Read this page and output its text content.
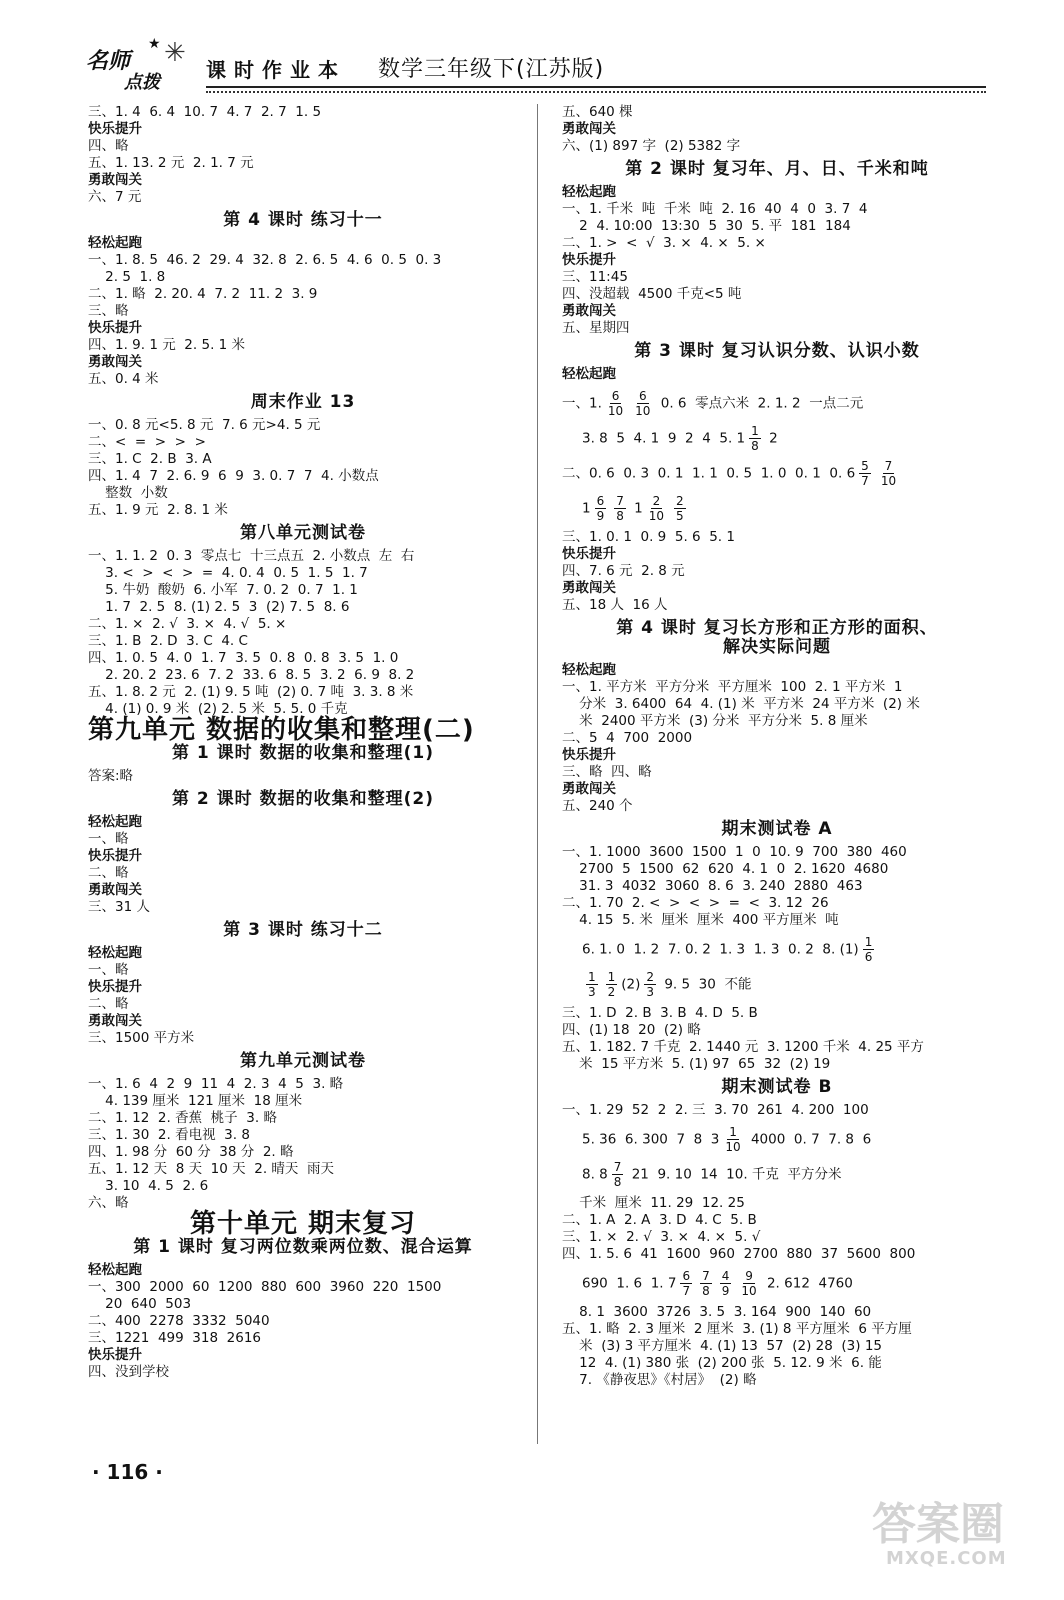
名师
点拨
★ ✳
课时作业本 数学三年级下(江苏版)
三、1. 4  6. 4  10. 7  4. 7  2. 7  1. 5
快乐提升
四、略
五、1. 13. 2 元  2. 1. 7 元
勇敢闯关
六、7 元
第 4 课时 练习十一
轻松起跑
一、1. 8. 5  46. 2  29. 4  32. 8  2. 6. 5  4. 6  0. 5  0. 3
2. 5  1. 8
二、1. 略  2. 20. 4  7. 2  11. 2  3. 9
三、略
快乐提升
四、1. 9. 1 元  2. 5. 1 米
勇敢闯关
五、0. 4 米
周末作业 13
一、0. 8 元<5. 8 元  7. 6 元>4. 5 元
二、<  =  >  >  >
三、1. C  2. B  3. A
四、1. 4  7  2. 6. 9  6  9  3. 0. 7  7  4. 小数点
整数  小数
五、1. 9 元  2. 8. 1 米
第八单元测试卷
一、1. 1. 2  0. 3  零点七  十三点五  2. 小数点  左  右
3. <  >  <  >  =  4. 0. 4  0. 5  1. 5  1. 7
5. 牛奶  酸奶  6. 小军  7. 0. 2  0. 7  1. 1
1. 7  2. 5  8. (1) 2. 5  3  (2) 7. 5  8. 6
二、1. ×  2. √  3. ×  4. √  5. ×
三、1. B  2. D  3. C  4. C
四、1. 0. 5  4. 0  1. 7  3. 5  0. 8  0. 8  3. 5  1. 0
2. 20. 2  23. 6  7. 2  33. 6  8. 5  3. 2  6. 9  8. 2
五、1. 8. 2 元  2. (1) 9. 5 吨  (2) 0. 7 吨  3. 3. 8 米
4. (1) 0. 9 米  (2) 2. 5 米  5. 5. 0 千克
第九单元 数据的收集和整理(二)
第 1 课时 数据的收集和整理(1)
答案:略
第 2 课时 数据的收集和整理(2)
轻松起跑
一、略
快乐提升
二、略
勇敢闯关
三、31 人
第 3 课时 练习十二
轻松起跑
一、略
快乐提升
二、略
勇敢闯关
三、1500 平方米
第九单元测试卷
一、1. 6  4  2  9  11  4  2. 3  4  5  3. 略
4. 139 厘米  121 厘米  18 厘米
二、1. 12  2. 香蕉  桃子  3. 略
三、1. 30  2. 看电视  3. 8
四、1. 98 分  60 分  38 分  2. 略
五、1. 12 天  8 天  10 天  2. 晴天  雨天
3. 10  4. 5  2. 6
六、略
第十单元 期末复习
第 1 课时 复习两位数乘两位数、混合运算
轻松起跑
一、300  2000  60  1200  880  600  3960  220  1500
20  640  503
二、400  2278  3332  5040
三、1221  499  318  2616
快乐提升
四、没到学校
五、640 棵
勇敢闯关
六、(1) 897 字  (2) 5382 字
第 2 课时 复习年、月、日、千米和吨
轻松起跑
一、1. 千米  吨  千米  吨  2. 16  40  4  0  3. 7  4
2  4. 10:00  13:30  5  30  5. 平  181  184
二、1. >  <  √  3. ×  4. ×  5. ×
快乐提升
三、11:45
四、没超载  4500 千克<5 吨
勇敢闯关
五、星期四
第 3 课时 复习认识分数、认识小数
轻松起跑
一、1. $\frac{6}{10} \frac{6}{10} 0$. 6  零点六米  2. 1. 2  一点二元
3. 8  5  4. 1  9  2  4  5. $1 \frac{1}{8} 2$
二、0. 6  0. 3  0. 1  1. 1  0. 5  1. 0  0. 1  0. $6 \frac{5}{7} \frac{7}{10}$
$1 \frac{6}{9} \frac{7}{8} 1 \frac{2}{10} \frac{2}{5}$
三、1. 0. 1  0. 9  5. 6  5. 1
快乐提升
四、7. 6 元  2. 8 元
勇敢闯关
五、18 人  16 人
第 4 课时 复习长方形和正方形的面积、
解决实际问题
轻松起跑
一、1. 平方米  平方分米  平方厘米  100  2. 1 平方米  1
分米  3. 6400  64  4. (1) 米  平方米  24 平方米  (2) 米
米  2400 平方米  (3) 分米  平方分米  5. 8 厘米
二、5  4  700  2000
快乐提升
三、略  四、略
勇敢闯关
五、240 个
期末测试卷 A
一、1. 1000  3600  1500  1  0  10. 9  700  380  460
2700  5  1500  62  620  4. 1  0  2. 1620  4680
31. 3  4032  3060  8. 6  3. 240  2880  463
二、1. 70  2. <  >  <  >  =  <  3. 12  26
4. 15  5. 米  厘米  厘米  400 平方厘米  吨
6. 1. 0  1. 2  7. 0. 2  1. 3  1. 3  0. 2  8. $(1) \frac{1}{6}$
$\frac{1}{3} \frac{1}{2} (2) \frac{2}{3} 9$. 5  30  不能
三、1. D  2. B  3. B  4. D  5. B
四、(1) 18  20  (2) 略
五、1. 182. 7 千克  2. 1440 元  3. 1200 千米  4. 25 平方
米  15 平方米  5. (1) 97  65  32  (2) 19
期末测试卷 B
一、1. 29  52  2  2. 三  3. 70  261  4. 200  100
5. 36  6. 300  7  8  $3 \frac{1}{10} 4000$  0. 7  7. 8  6
8. $8 \frac{7}{8} 21$  9. 10  14  10. 千克  平方分米
千米  厘米  11. 29  12. 25
二、1. A  2. A  3. D  4. C  5. B
三、1. ×  2. √  3. ×  4. ×  5. √
四、1. 5. 6  41  1600  960  2700  880  37  5600  800
690  1. 6  1. $7 \frac{6}{7} \frac{7}{8} \frac{4}{9} \frac{9}{10} 2$. 612  4760
8. 1  3600  3726  3. 5  3. 164  900  140  60
五、1. 略  2. 3 厘米  2 厘米  3. (1) 8 平方厘米  6 平方厘
米  (3) 3 平方厘米  4. (1) 13  57  (2) 28  (3) 15
12  4. (1) 380 张  (2) 200 张  5. 12. 9 米  6. 能
7. 《静夜思》《村居》  (2) 略
· 116 ·
答案圈
MXQE.COM
